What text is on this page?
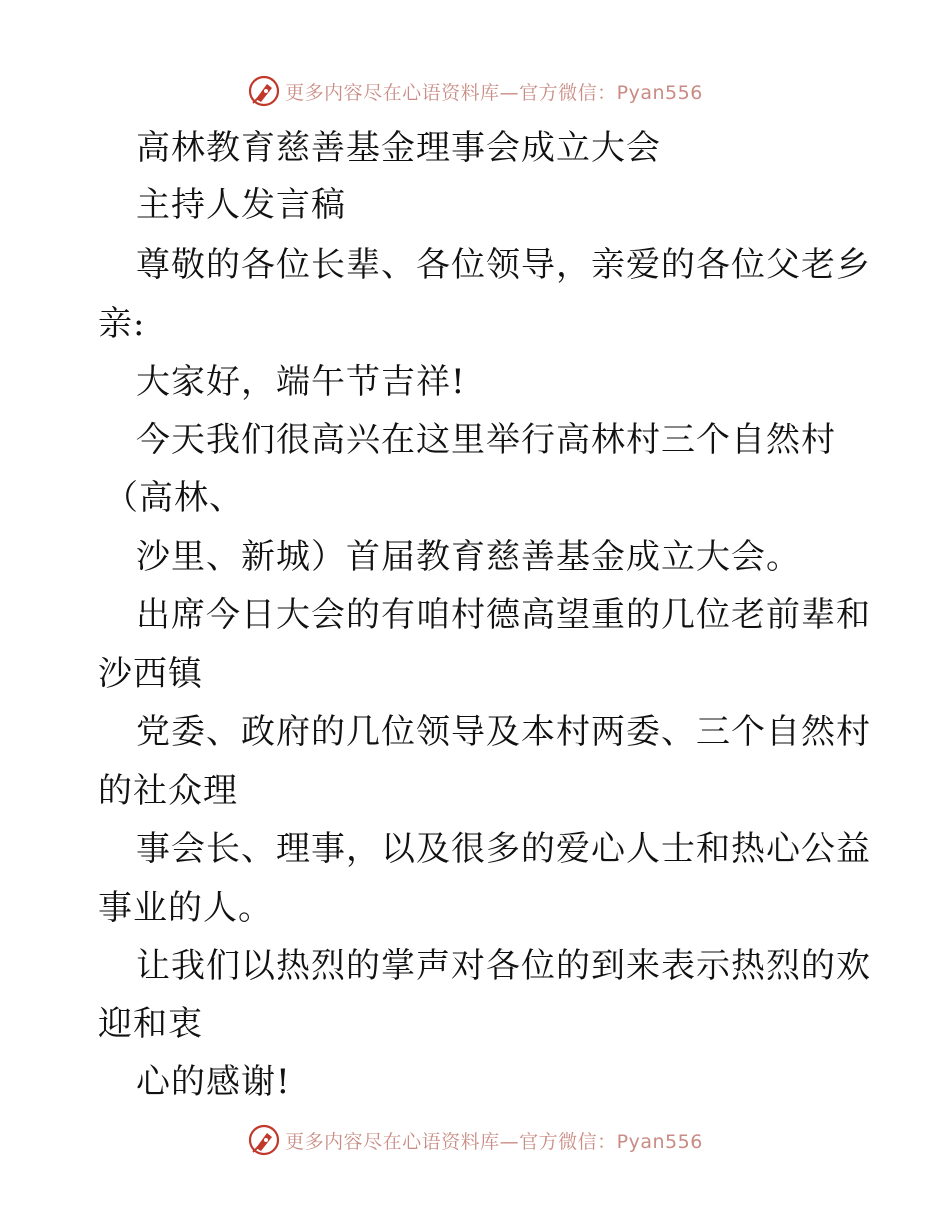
更多内容尽在心语资料库—官方微信：Pyan556
高林教育慈善基金理事会成立大会
主持人发言稿
尊敬的各位长辈、各位领导，亲爱的各位父老乡
亲:
大家好，端午节吉祥!
今天我们很高兴在这里举行高林村三个自然村
（高林、
沙里、新城）首届教育慈善基金成立大会。
出席今日大会的有咱村德高望重的几位老前辈和
沙西镇
党委、政府的几位领导及本村两委、三个自然村
的社众理
事会长、理事，以及很多的爱心人士和热心公益
事业的人。
让我们以热烈的掌声对各位的到来表示热烈的欢
迎和衷
心的感谢!
更多内容尽在心语资料库—官方微信：Pyan556
